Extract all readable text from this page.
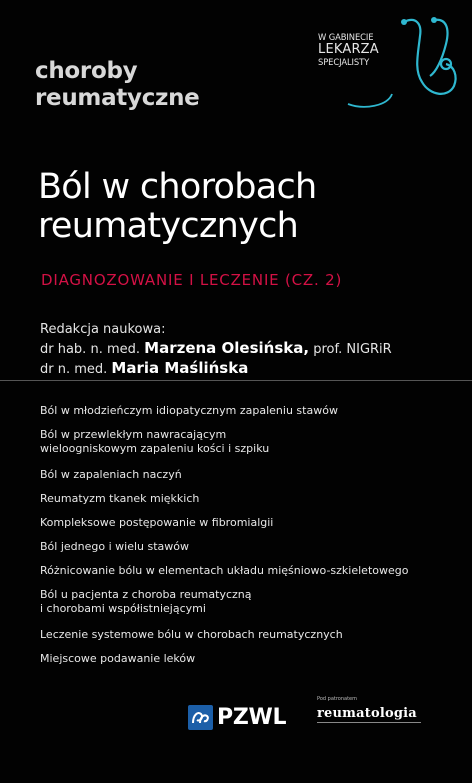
choroby
reumatyczne
W GABINECIE
LEKARZA
SPECJALISTY
Ból w chorobach
reumatycznych
DIAGNOZOWANIE I LECZENIE (CZ. 2)
Redakcja naukowa:
dr hab. n. med. Marzena Olesińska, prof. NIGRiR
dr n. med. Maria Maślińska
Ból w młodzieńczym idiopatycznym zapaleniu stawów
Ból w przewlekłym nawracającym
wieloogniskowym zapaleniu kości i szpiku
Ból w zapaleniach naczyń
Reumatyzm tkanek miękkich
Kompleksowe postępowanie w fibromialgii
Ból jednego i wielu stawów
Różnicowanie bólu w elementach układu mięśniowo-szkieletowego
Ból u pacjenta z choroba reumatyczną
i chorobami współistniejącymi
Leczenie systemowe bólu w chorobach reumatycznych
Miejscowe podawanie leków
PZWL
Pod patronatem
reumatologia
